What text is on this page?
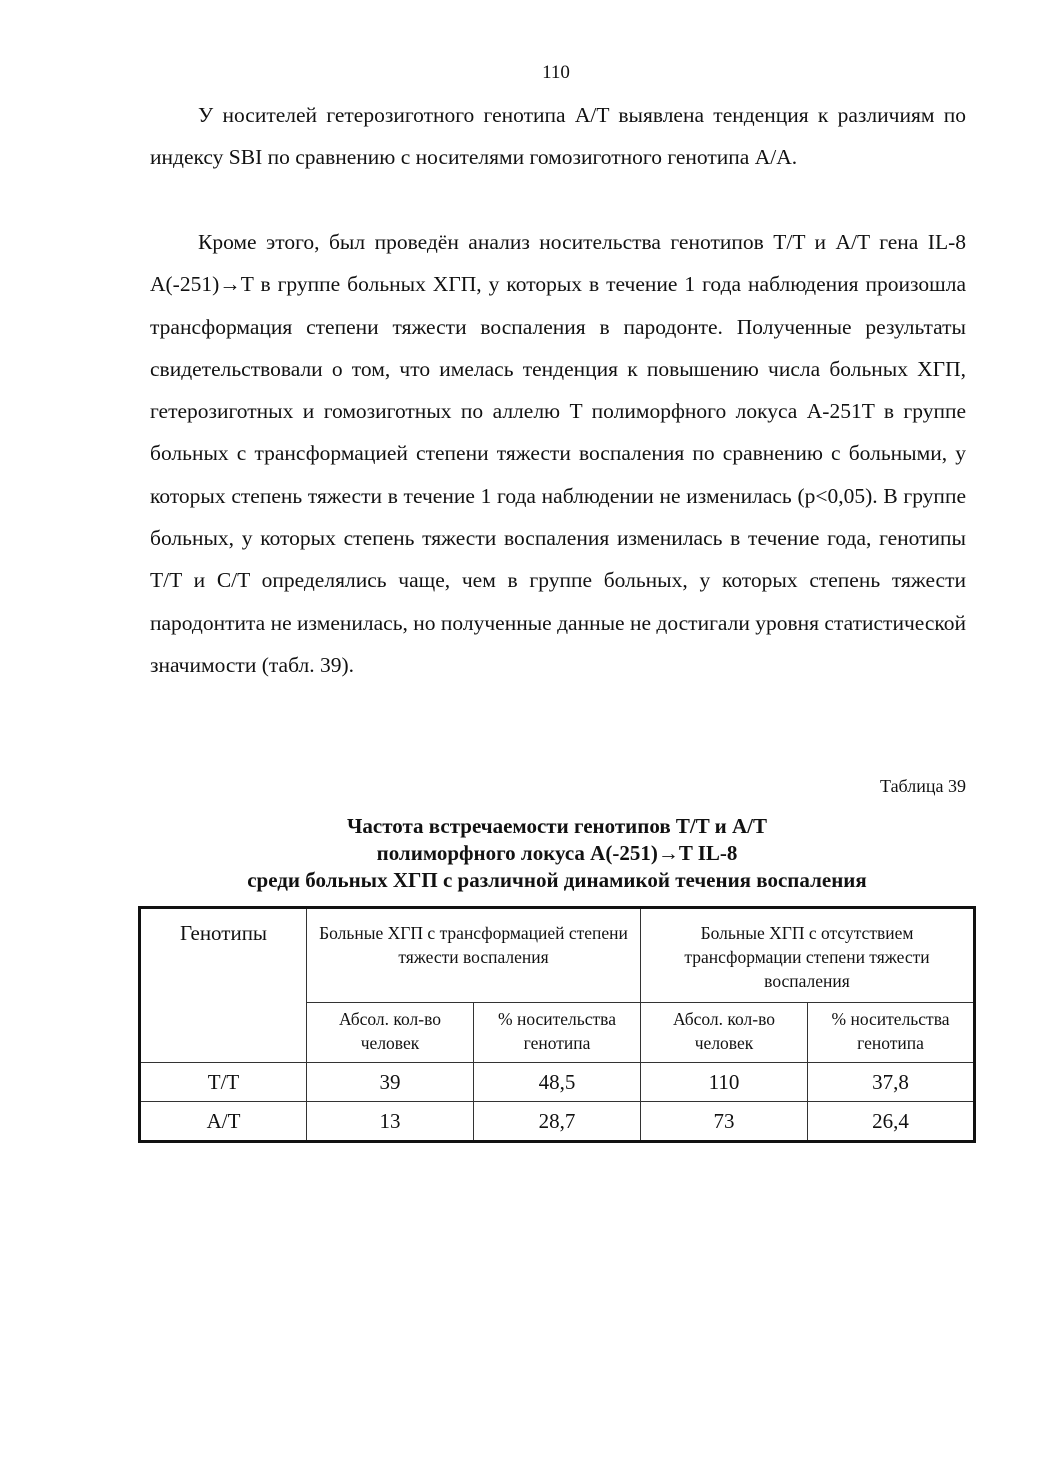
110

У носителей гетерозиготного генотипа A/T выявлена тенденция к различиям по индексу SBI по сравнению с носителями гомозиготного генотипа A/A.

Кроме этого, был проведён анализ носительства генотипов T/T и A/T гена IL-8 A(-251)→T в группе больных ХГП, у которых в течение 1 года наблюдения произошла трансформация степени тяжести воспаления в пародонте. Полученные результаты свидетельствовали о том, что имелась тенденция к повышению числа больных ХГП, гетерозиготных и гомозиготных по аллелю T полиморфного локуса A-251T в группе больных с трансформацией степени тяжести воспаления по сравнению с больными, у которых степень тяжести в течение 1 года наблюдении не изменилась (p<0,05). В группе больных, у которых степень тяжести воспаления изменилась в течение года, генотипы T/T и C/T определялись чаще, чем в группе больных, у которых степень тяжести пародонтита не изменилась, но полученные данные не достигали уровня статистической значимости (табл. 39).

Таблица 39
Частота встречаемости генотипов T/T и A/T
полиморфного локуса A(-251)→T IL-8
среди больных ХГП с различной динамикой течения воспаления
Генотипы	Больные ХГП с трансформацией степени тяжести воспаления		Больные ХГП с отсутствием трансформации степени тяжести воспаления	
	Абсол. кол-во человек	% носительства генотипа	Абсол. кол-во человек	% носительства генотипа
T/T	39	48,5	110	37,8
A/T	13	28,7	73	26,4
